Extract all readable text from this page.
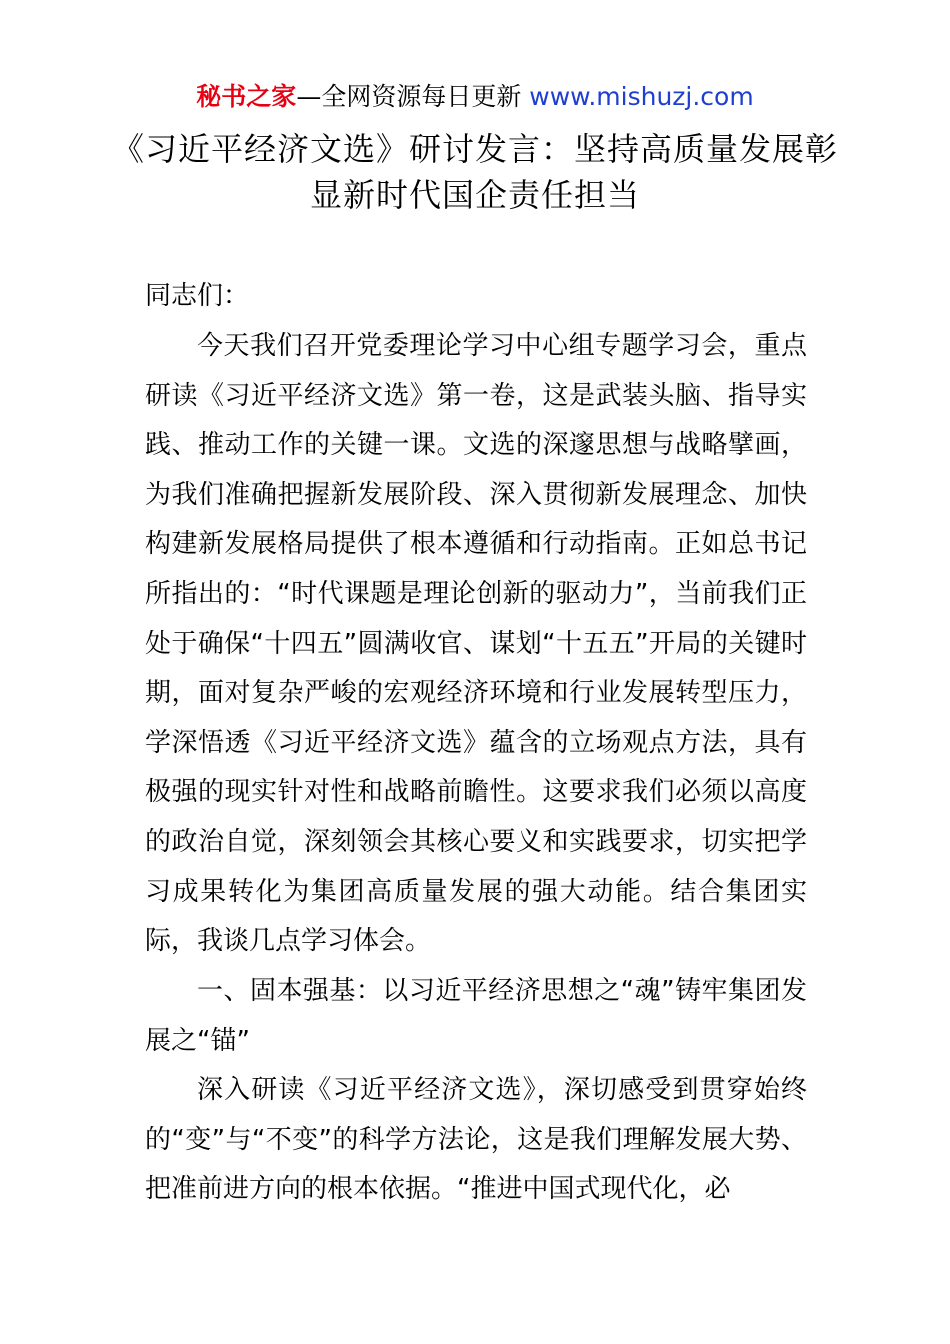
秘书之家—全网资源每日更新 www.mishuzj.com
《习近平经济文选》研讨发言：坚持高质量发展彰显新时代国企责任担当
同志们：

今天我们召开党委理论学习中心组专题学习会，重点研读《习近平经济文选》第一卷，这是武装头脑、指导实践、推动工作的关键一课。文选的深邃思想与战略擘画，为我们准确把握新发展阶段、深入贯彻新发展理念、加快构建新发展格局提供了根本遵循和行动指南。正如总书记所指出的：“时代课题是理论创新的驱动力”，当前我们正处于确保“十四五”圆满收官、谋划“十五五”开局的关键时期，面对复杂严峻的宏观经济环境和行业发展转型压力，学深悟透《习近平经济文选》蕴含的立场观点方法，具有极强的现实针对性和战略前瞻性。这要求我们必须以高度的政治自觉，深刻领会其核心要义和实践要求，切实把学习成果转化为集团高质量发展的强大动能。结合集团实际，我谈几点学习体会。

一、固本强基：以习近平经济思想之“魂”铸牢集团发展之“锚”

深入研读《习近平经济文选》，深切感受到贯穿始终的“变”与“不变”的科学方法论，这是我们理解发展大势、把准前进方向的根本依据。“推进中国式现代化，必
